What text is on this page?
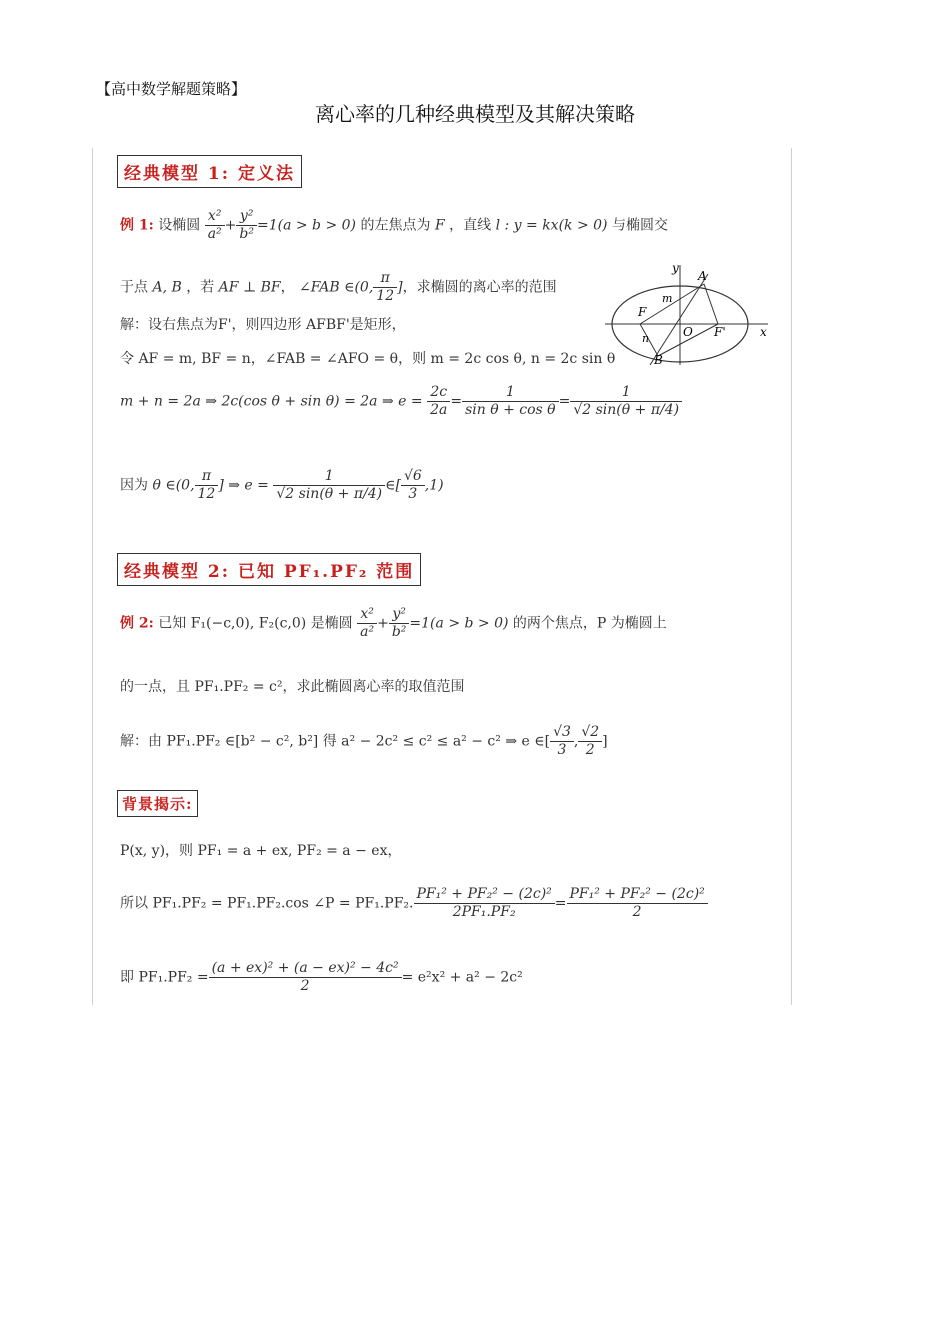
【高中数学解题策略】
离心率的几种经典模型及其解决策略
经典模型 1: 定义法
例 1: 设椭圆 $\frac{\text{x²}}{\text{a²}} + \frac{\text{y²}}{\text{b²}} =1(a > b > 0)$ 的左焦点为 F ，直线 l : y = kx(k > 0) 与椭圆交
于点 A, B ，若 AF ⊥ BF， ∠FAB ∈(0, $\frac{\pi}{12}$ ]，求椭圆的离心率的范围
解：设右焦点为F'，则四边形 AFBF'是矩形，
令 AF = m, BF = n，∠FAB = ∠AFO = θ，则 m = 2c cos θ, n = 2c sin θ
m + n = 2a ⇒ 2c(cos θ + sin θ) = 2a ⇒ $e = \frac{2c}{2a} = \frac{1}{\text{sin θ + cos θ}} = \frac{1}{√2 \sin(\theta + \pi/4)}$
因为 θ ∈(0, $\frac{\pi}{12}$ ] ⇒ $e = \frac{1}{√2 \sin(\theta + \pi/4)}$ ∈[ $\frac{√6}{3} ,1$)
y
x
A
B
F
F'
O
m
n
经典模型 2: 已知 PF₁.PF₂ 范围
例 2: 已知 F₁(−c,0), F₂(c,0) 是椭圆 $\frac{\text{x²}}{\text{a²}} + \frac{\text{y²}}{\text{b²}} =1(a > b > 0)$ 的两个焦点，P 为椭圆上
的一点，且 PF₁.PF₂ = c²，求此椭圆离心率的取值范围
解：由 PF₁.PF₂ ∈[b² − c², b²] 得 a² − 2c² ≤ c² ≤ a² − c² ⇒ e ∈[ $\frac{√3}{3}$ , $\frac{√2}{2}$ ]
背景揭示:
P(x, y)，则 PF₁ = a + ex, PF₂ = a − ex，
所以 PF₁.PF₂ = PF₁.PF₂.cos ∠P = PF₁.PF₂. $\frac{\text{PF₁² + PF₂² − (2c)²}}{\text{2PF₁.PF₂}} = \frac{\text{PF₁² + PF₂² − (2c)²}}{2}$
即 $PF_1.PF_2 = \frac{\text{(a + ex)² + (a − ex)² − 4c²}}{2} = e^2x^2 + a^2 - 2c^2$
